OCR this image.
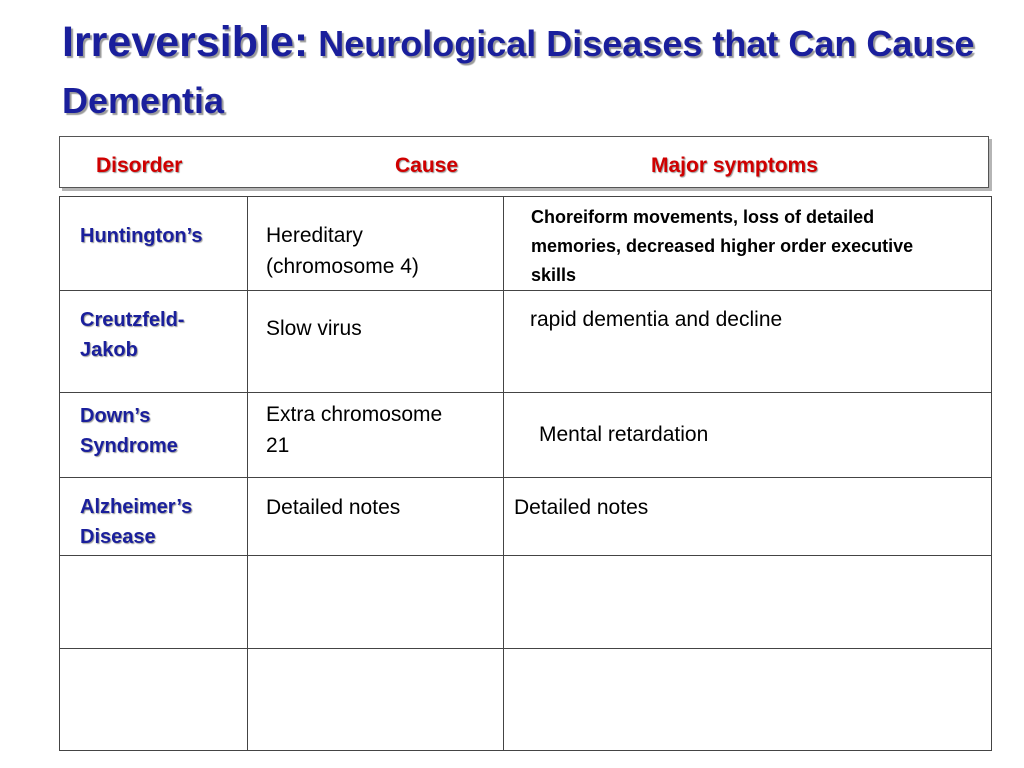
Irreversible: Neurological Diseases that Can Cause Dementia
Disorder	Cause	Major symptoms
Huntington’s	Hereditary (chromosome 4)	Choreiform movements, loss of detailed memories, decreased higher order executive skills

Creutzfeld-Jakob	Slow virus	rapid dementia and decline

Down’s Syndrome	Extra chromosome 21	Mental retardation

Alzheimer’s Disease	Detailed notes	Detailed notes
